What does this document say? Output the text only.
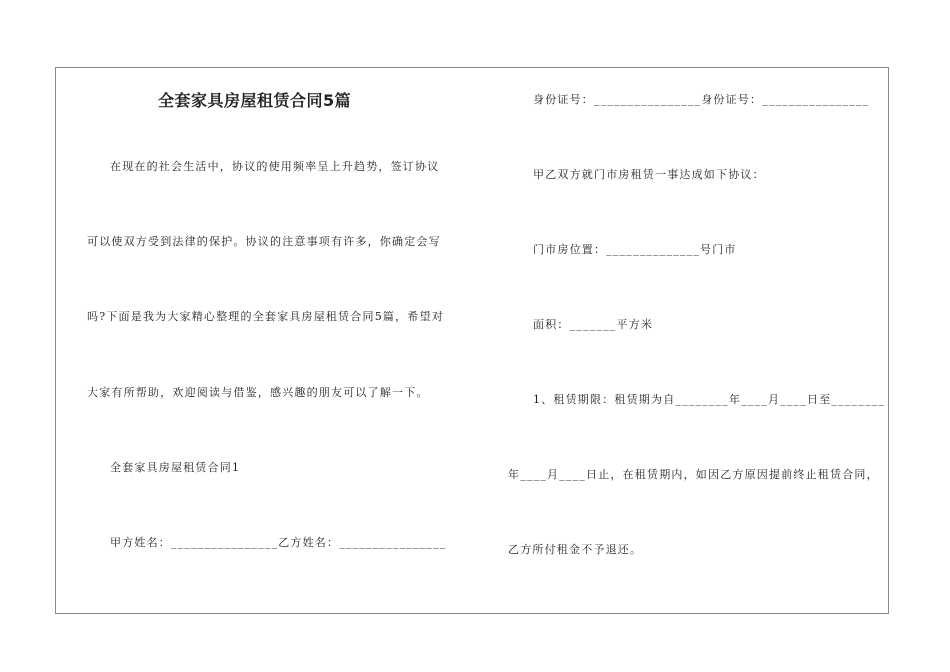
全套家具房屋租赁合同5篇
在现在的社会生活中，协议的使用频率呈上升趋势，签订协议
可以使双方受到法律的保护。协议的注意事项有许多，你确定会写
吗?下面是我为大家精心整理的全套家具房屋租赁合同5篇，希望对
大家有所帮助，欢迎阅读与借鉴，感兴趣的朋友可以了解一下。
全套家具房屋租赁合同1
甲方姓名：________________乙方姓名：________________
身份证号：________________身份证号：________________
甲乙双方就门市房租赁一事达成如下协议：
门市房位置：______________号门市
面积：_______平方米
1、租赁期限：租赁期为自________年____月____日至________
年____月____日止，在租赁期内，如因乙方原因提前终止租赁合同，
乙方所付租金不予退还。
